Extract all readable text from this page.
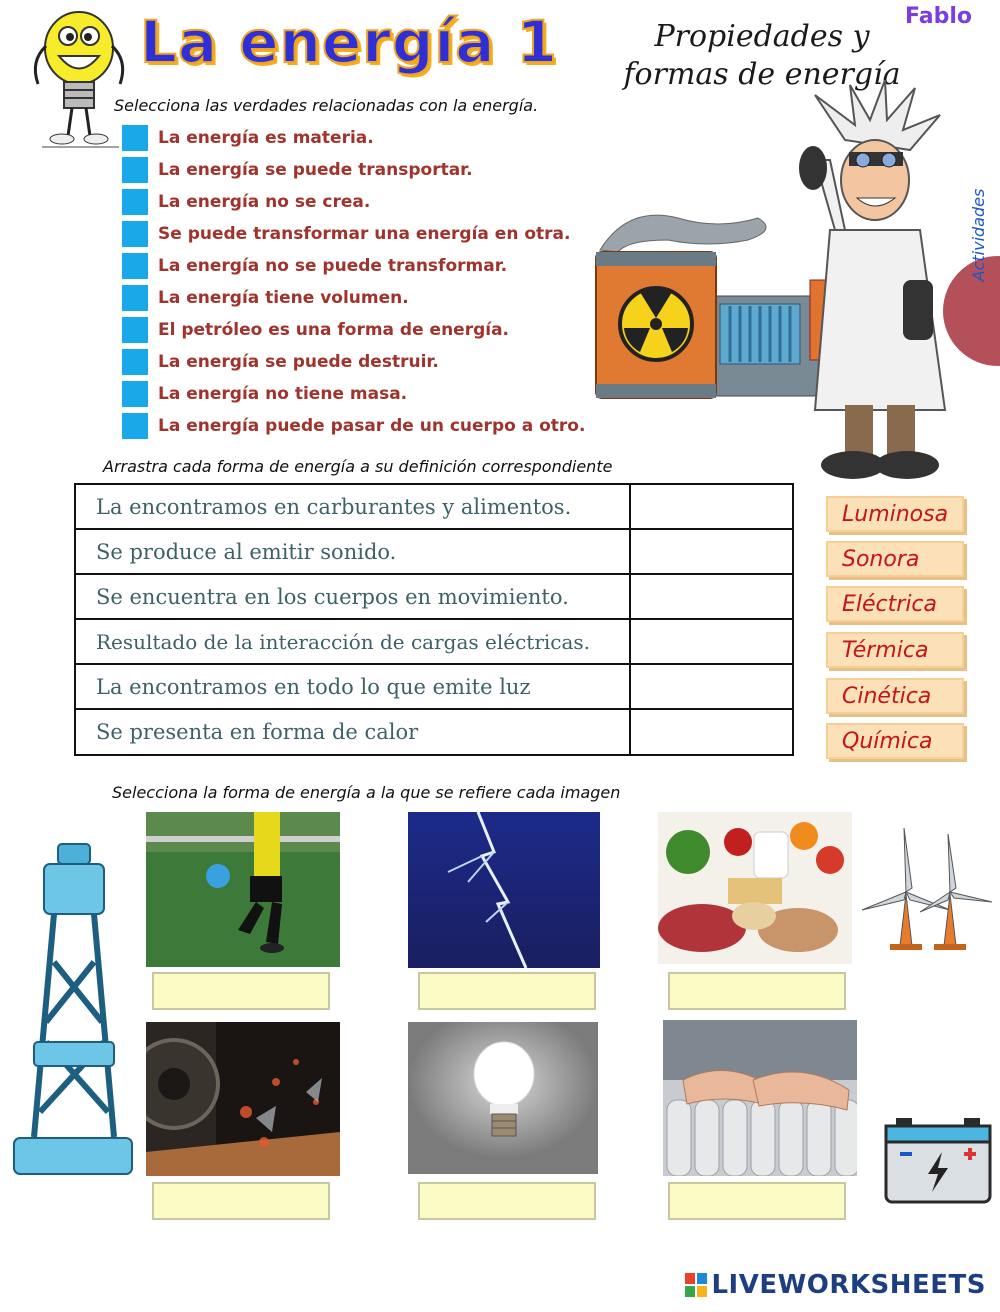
La energía 1	Propiedades y formas de energía
Fablo
Selecciona las verdades relacionadas con la energía.
La energía es materia.
La energía se puede transportar.
La energía no se crea.
Se puede transformar una energía en otra.
La energía no se puede transformar.
La energía tiene volumen.
El petróleo es una forma de energía.
La energía se puede destruir.
La energía no tiene masa.
La energía puede pasar de un cuerpo a otro.
6º Actividades
Arrastra cada forma de energía a su definición correspondiente
La encontramos en carburantes y alimentos.
Se produce al emitir sonido.
Se encuentra en los cuerpos en movimiento.
Resultado de la interacción de cargas eléctricas.
La encontramos en todo lo que emite luz
Se presenta en forma de calor
Luminosa
Sonora
Eléctrica
Térmica
Cinética
Química
Selecciona la forma de energía a la que se refiere cada imagen
LIVEWORKSHEETS
